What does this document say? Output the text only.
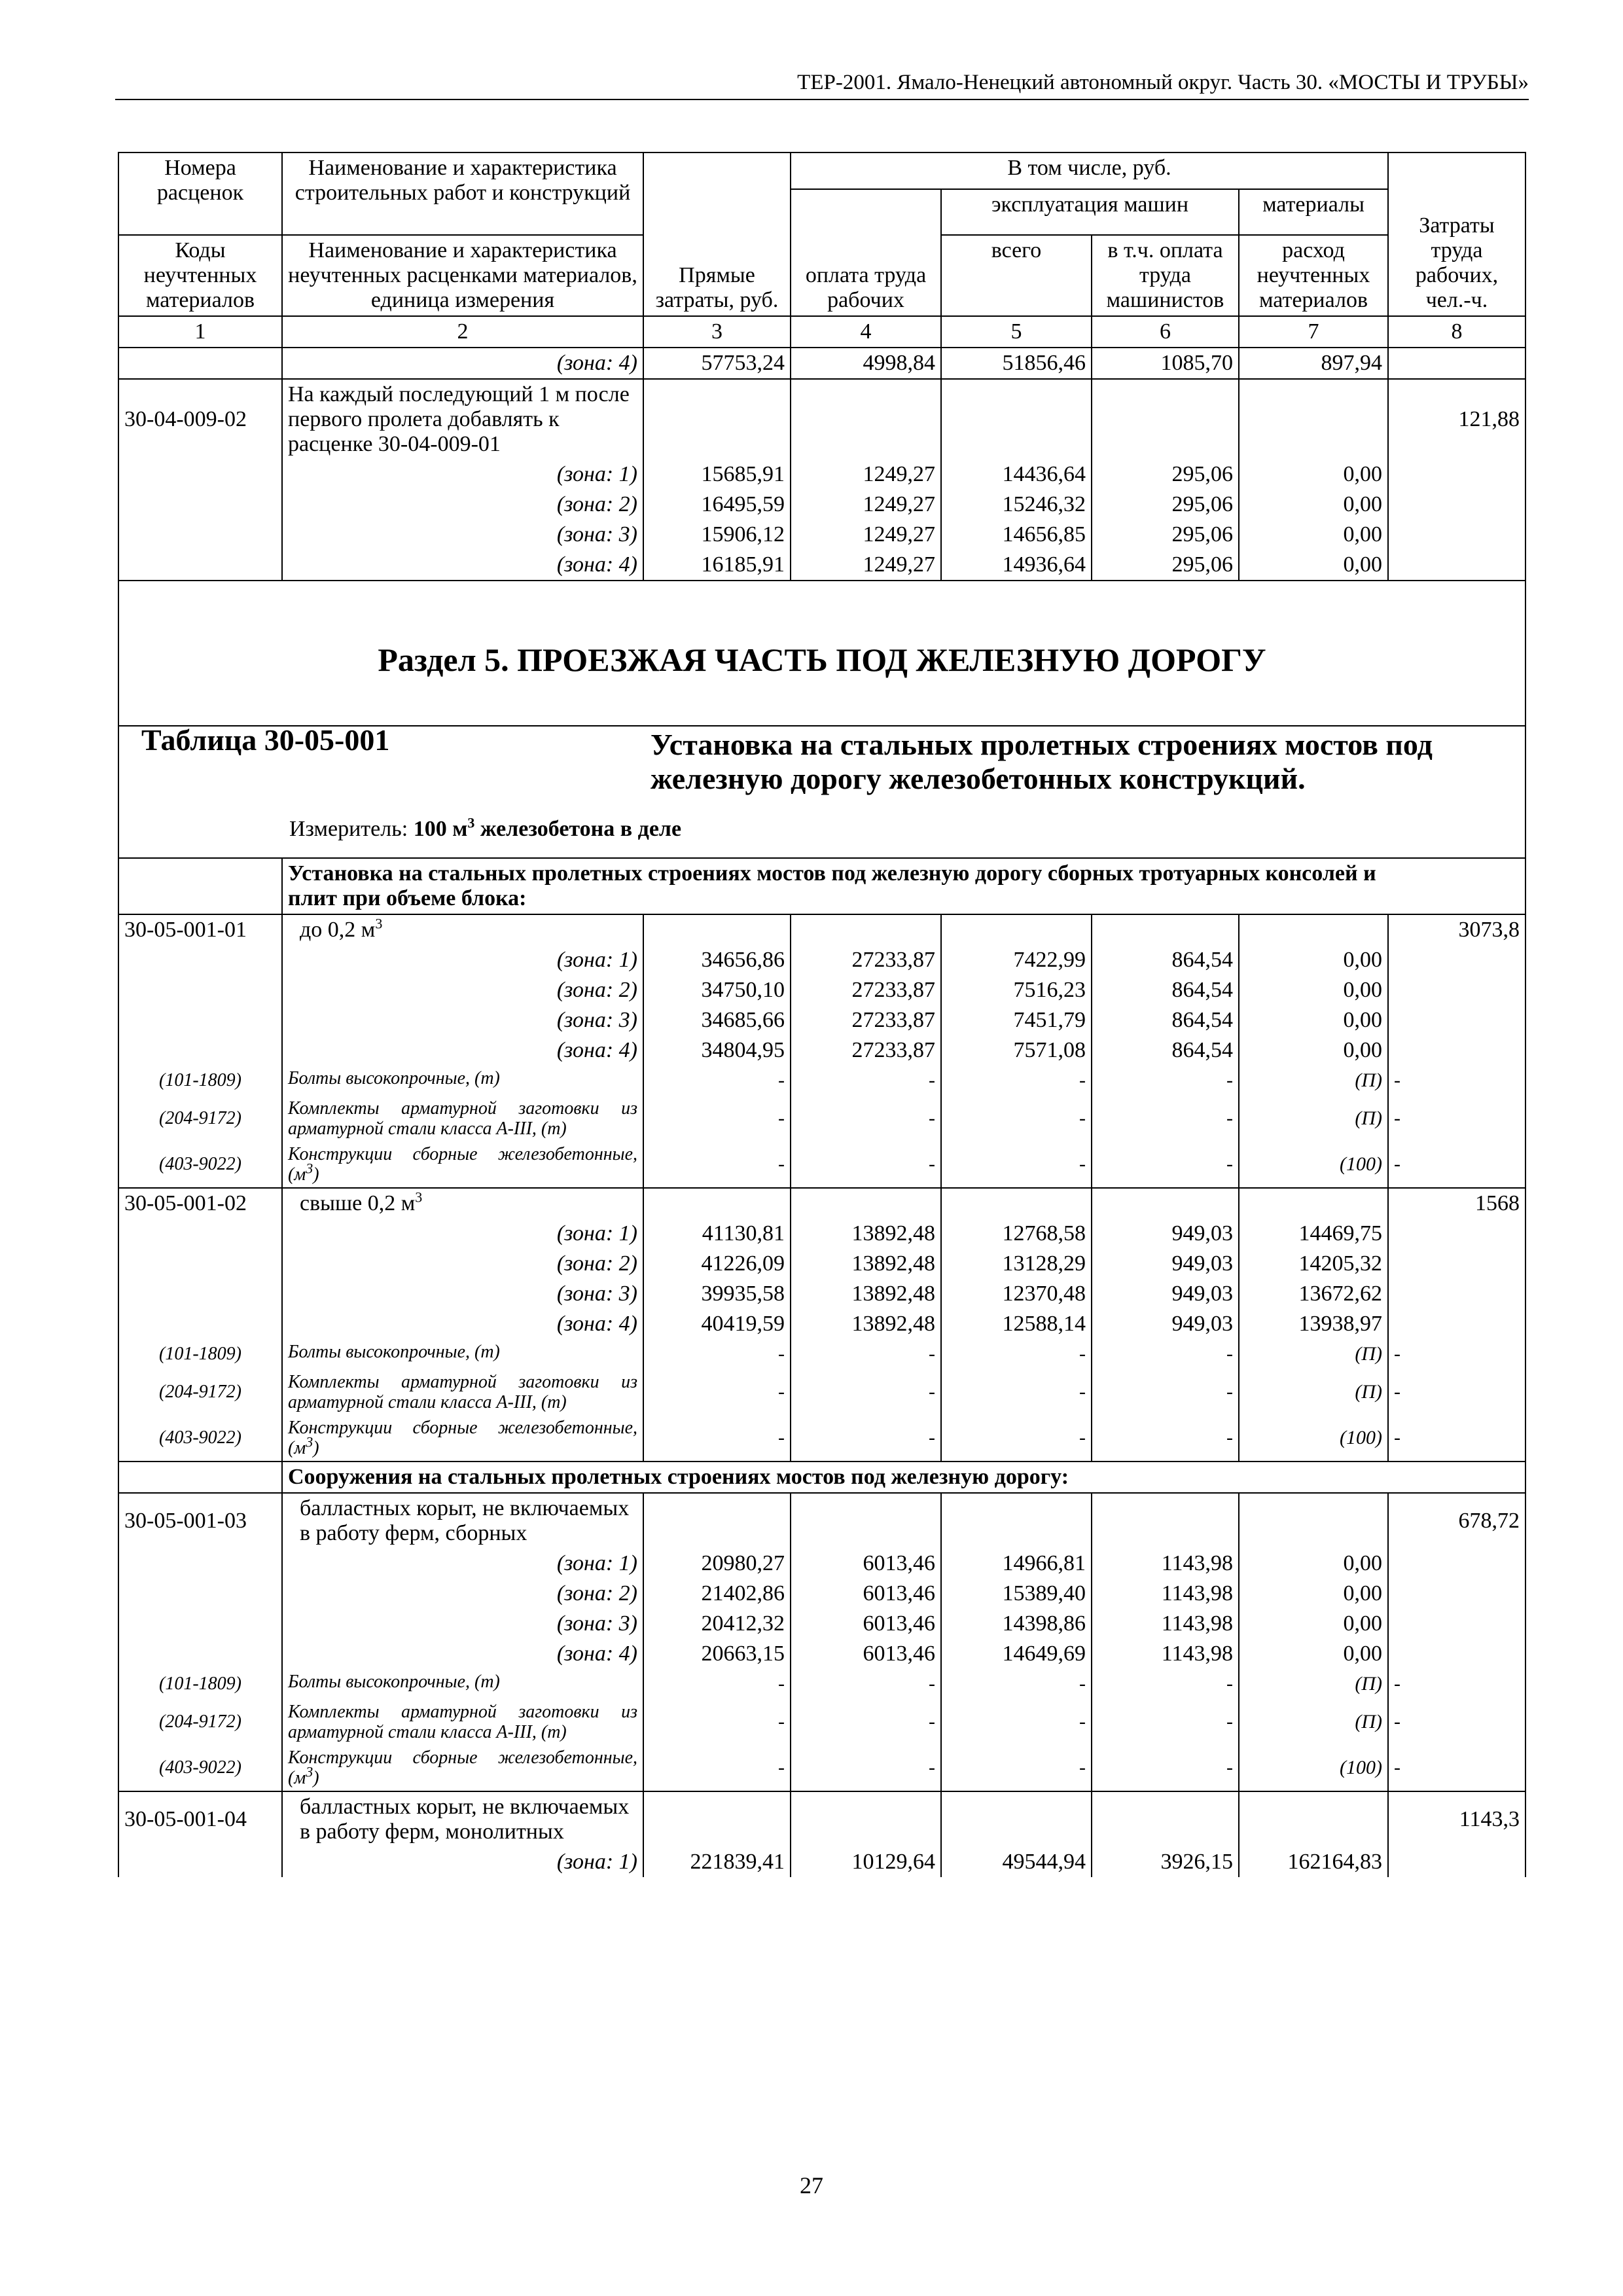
ТЕР-2001. Ямало-Ненецкий автономный округ. Часть 30. «МОСТЫ И ТРУБЫ»
Номера расценок	Наименование и характеристика строительных работ и конструкций	Прямые затраты, руб.	В том числе, руб.				Затраты труда рабочих, чел.-ч.
			оплата труда рабочих	эксплуатация машин		материалы	
Коды неучтенных материалов	Наименование и характеристика неучтенных расценками материалов, единица измерения			всего	в т.ч. оплата труда машинистов	расход неучтенных материалов	
1	2	3	4	5	6	7	8
	(зона: 4)	57753,24	4998,84	51856,46	1085,70	897,94	
30-04-009-02	На каждый последующий 1 м после первого пролета добавлять к расценке 30-04-009-01						121,88
	(зона: 1)	15685,91	1249,27	14436,64	295,06	0,00	
	(зона: 2)	16495,59	1249,27	15246,32	295,06	0,00	
	(зона: 3)	15906,12	1249,27	14656,85	295,06	0,00	
	(зона: 4)	16185,91	1249,27	14936,64	295,06	0,00	
Раздел 5. ПРОЕЗЖАЯ ЧАСТЬ ПОД ЖЕЛЕЗНУЮ ДОРОГУ							

Таблица 30-05-001 Установка на стальных пролетных строениях мостов под железную дорогу железобетонных конструкций.
Измеритель: 100 $м^3$ железобетона в деле							

	Установка на стальных пролетных строениях мостов под железную дорогу сборных тротуарных консолей и плит при объеме блока:						
30-05-001-01	до 0,2 $м^3$						3073,8
	(зона: 1)	34656,86	27233,87	7422,99	864,54	0,00	
	(зона: 2)	34750,10	27233,87	7516,23	864,54	0,00	
	(зона: 3)	34685,66	27233,87	7451,79	864,54	0,00	
	(зона: 4)	34804,95	27233,87	7571,08	864,54	0,00	
(101-1809)	Болты высокопрочные, (т)	-	-	-	-	(П)	-
(204-9172)	Комплекты арматурной заготовки из арматурной стали класса А-III, (т)	-	-	-	-	(П)	-
(403-9022)	Конструкции сборные железобетонные, $(м^3)$	-	-	-	-	(100)	-
30-05-001-02	свыше 0,2 $м^3$						1568
	(зона: 1)	41130,81	13892,48	12768,58	949,03	14469,75	
	(зона: 2)	41226,09	13892,48	13128,29	949,03	14205,32	
	(зона: 3)	39935,58	13892,48	12370,48	949,03	13672,62	
	(зона: 4)	40419,59	13892,48	12588,14	949,03	13938,97	
(101-1809)	Болты высокопрочные, (т)	-	-	-	-	(П)	-
(204-9172)	Комплекты арматурной заготовки из арматурной стали класса А-III, (т)	-	-	-	-	(П)	-
(403-9022)	Конструкции сборные железобетонные, $(м^3)$	-	-	-	-	(100)	-
	Сооружения на стальных пролетных строениях мостов под железную дорогу:						
30-05-001-03	балластных корыт, не включаемых в работу ферм, сборных						678,72
	(зона: 1)	20980,27	6013,46	14966,81	1143,98	0,00	
	(зона: 2)	21402,86	6013,46	15389,40	1143,98	0,00	
	(зона: 3)	20412,32	6013,46	14398,86	1143,98	0,00	
	(зона: 4)	20663,15	6013,46	14649,69	1143,98	0,00	
(101-1809)	Болты высокопрочные, (т)	-	-	-	-	(П)	-
(204-9172)	Комплекты арматурной заготовки из арматурной стали класса А-III, (т)	-	-	-	-	(П)	-
(403-9022)	Конструкции сборные железобетонные, $(м^3)$	-	-	-	-	(100)	-
30-05-001-04	балластных корыт, не включаемых в работу ферм, монолитных						1143,3
	(зона: 1)	221839,41	10129,64	49544,94	3926,15	162164,83	
27
